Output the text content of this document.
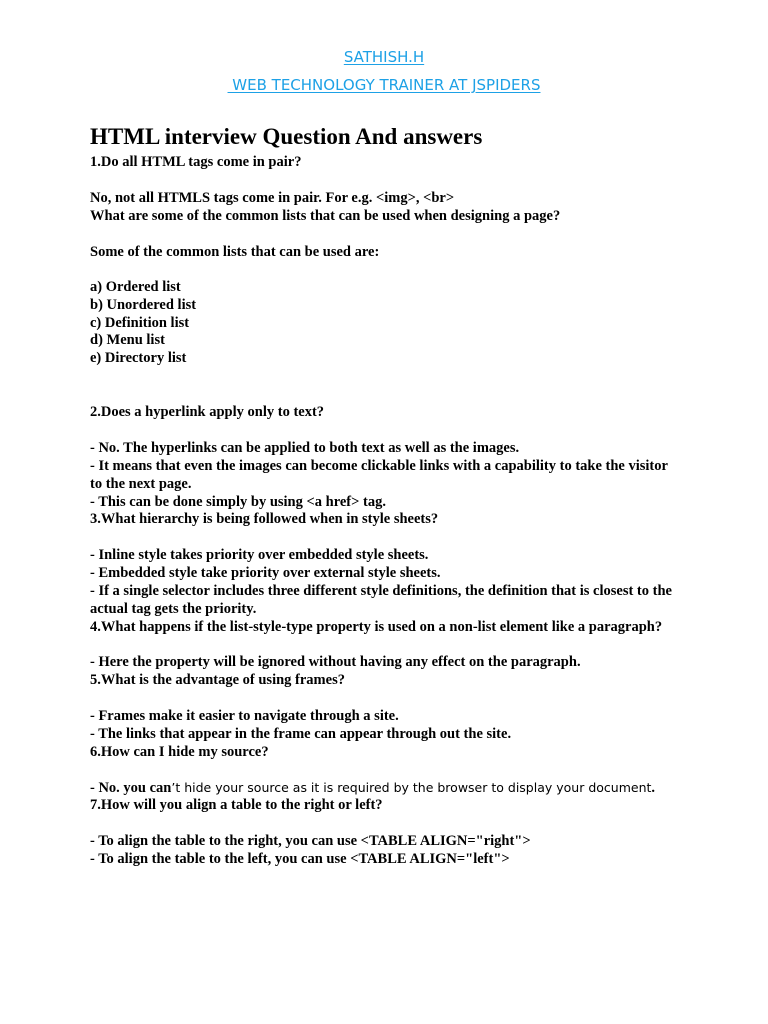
SATHISH.H
WEB TECHNOLOGY TRAINER AT JSPIDERS
HTML interview Question And answers
1.Do all HTML tags come in pair?
No, not all HTMLS tags come in pair. For e.g. <img>, <br>
What are some of the common lists that can be used when designing a page?
Some of the common lists that can be used are:
a) Ordered list
b) Unordered list
c) Definition list
d) Menu list
e) Directory list
2.Does a hyperlink apply only to text?
- No. The hyperlinks can be applied to both text as well as the images.
- It means that even the images can become clickable links with a capability to take the visitor
to the next page.
- This can be done simply by using <a href> tag.
3.What hierarchy is being followed when in style sheets?
- Inline style takes priority over embedded style sheets.
- Embedded style take priority over external style sheets.
- If a single selector includes three different style definitions, the definition that is closest to the
actual tag gets the priority.
4.What happens if the list-style-type property is used on a non-list element like a paragraph?
- Here the property will be ignored without having any effect on the paragraph.
5.What is the advantage of using frames?
- Frames make it easier to navigate through a site.
- The links that appear in the frame can appear through out the site.
6.How can I hide my source?
- No. you can’t hide your source as it is required by the browser to display your document.
7.How will you align a table to the right or left?
- To align the table to the right, you can use <TABLE ALIGN="right">
- To align the table to the left, you can use <TABLE ALIGN="left">
